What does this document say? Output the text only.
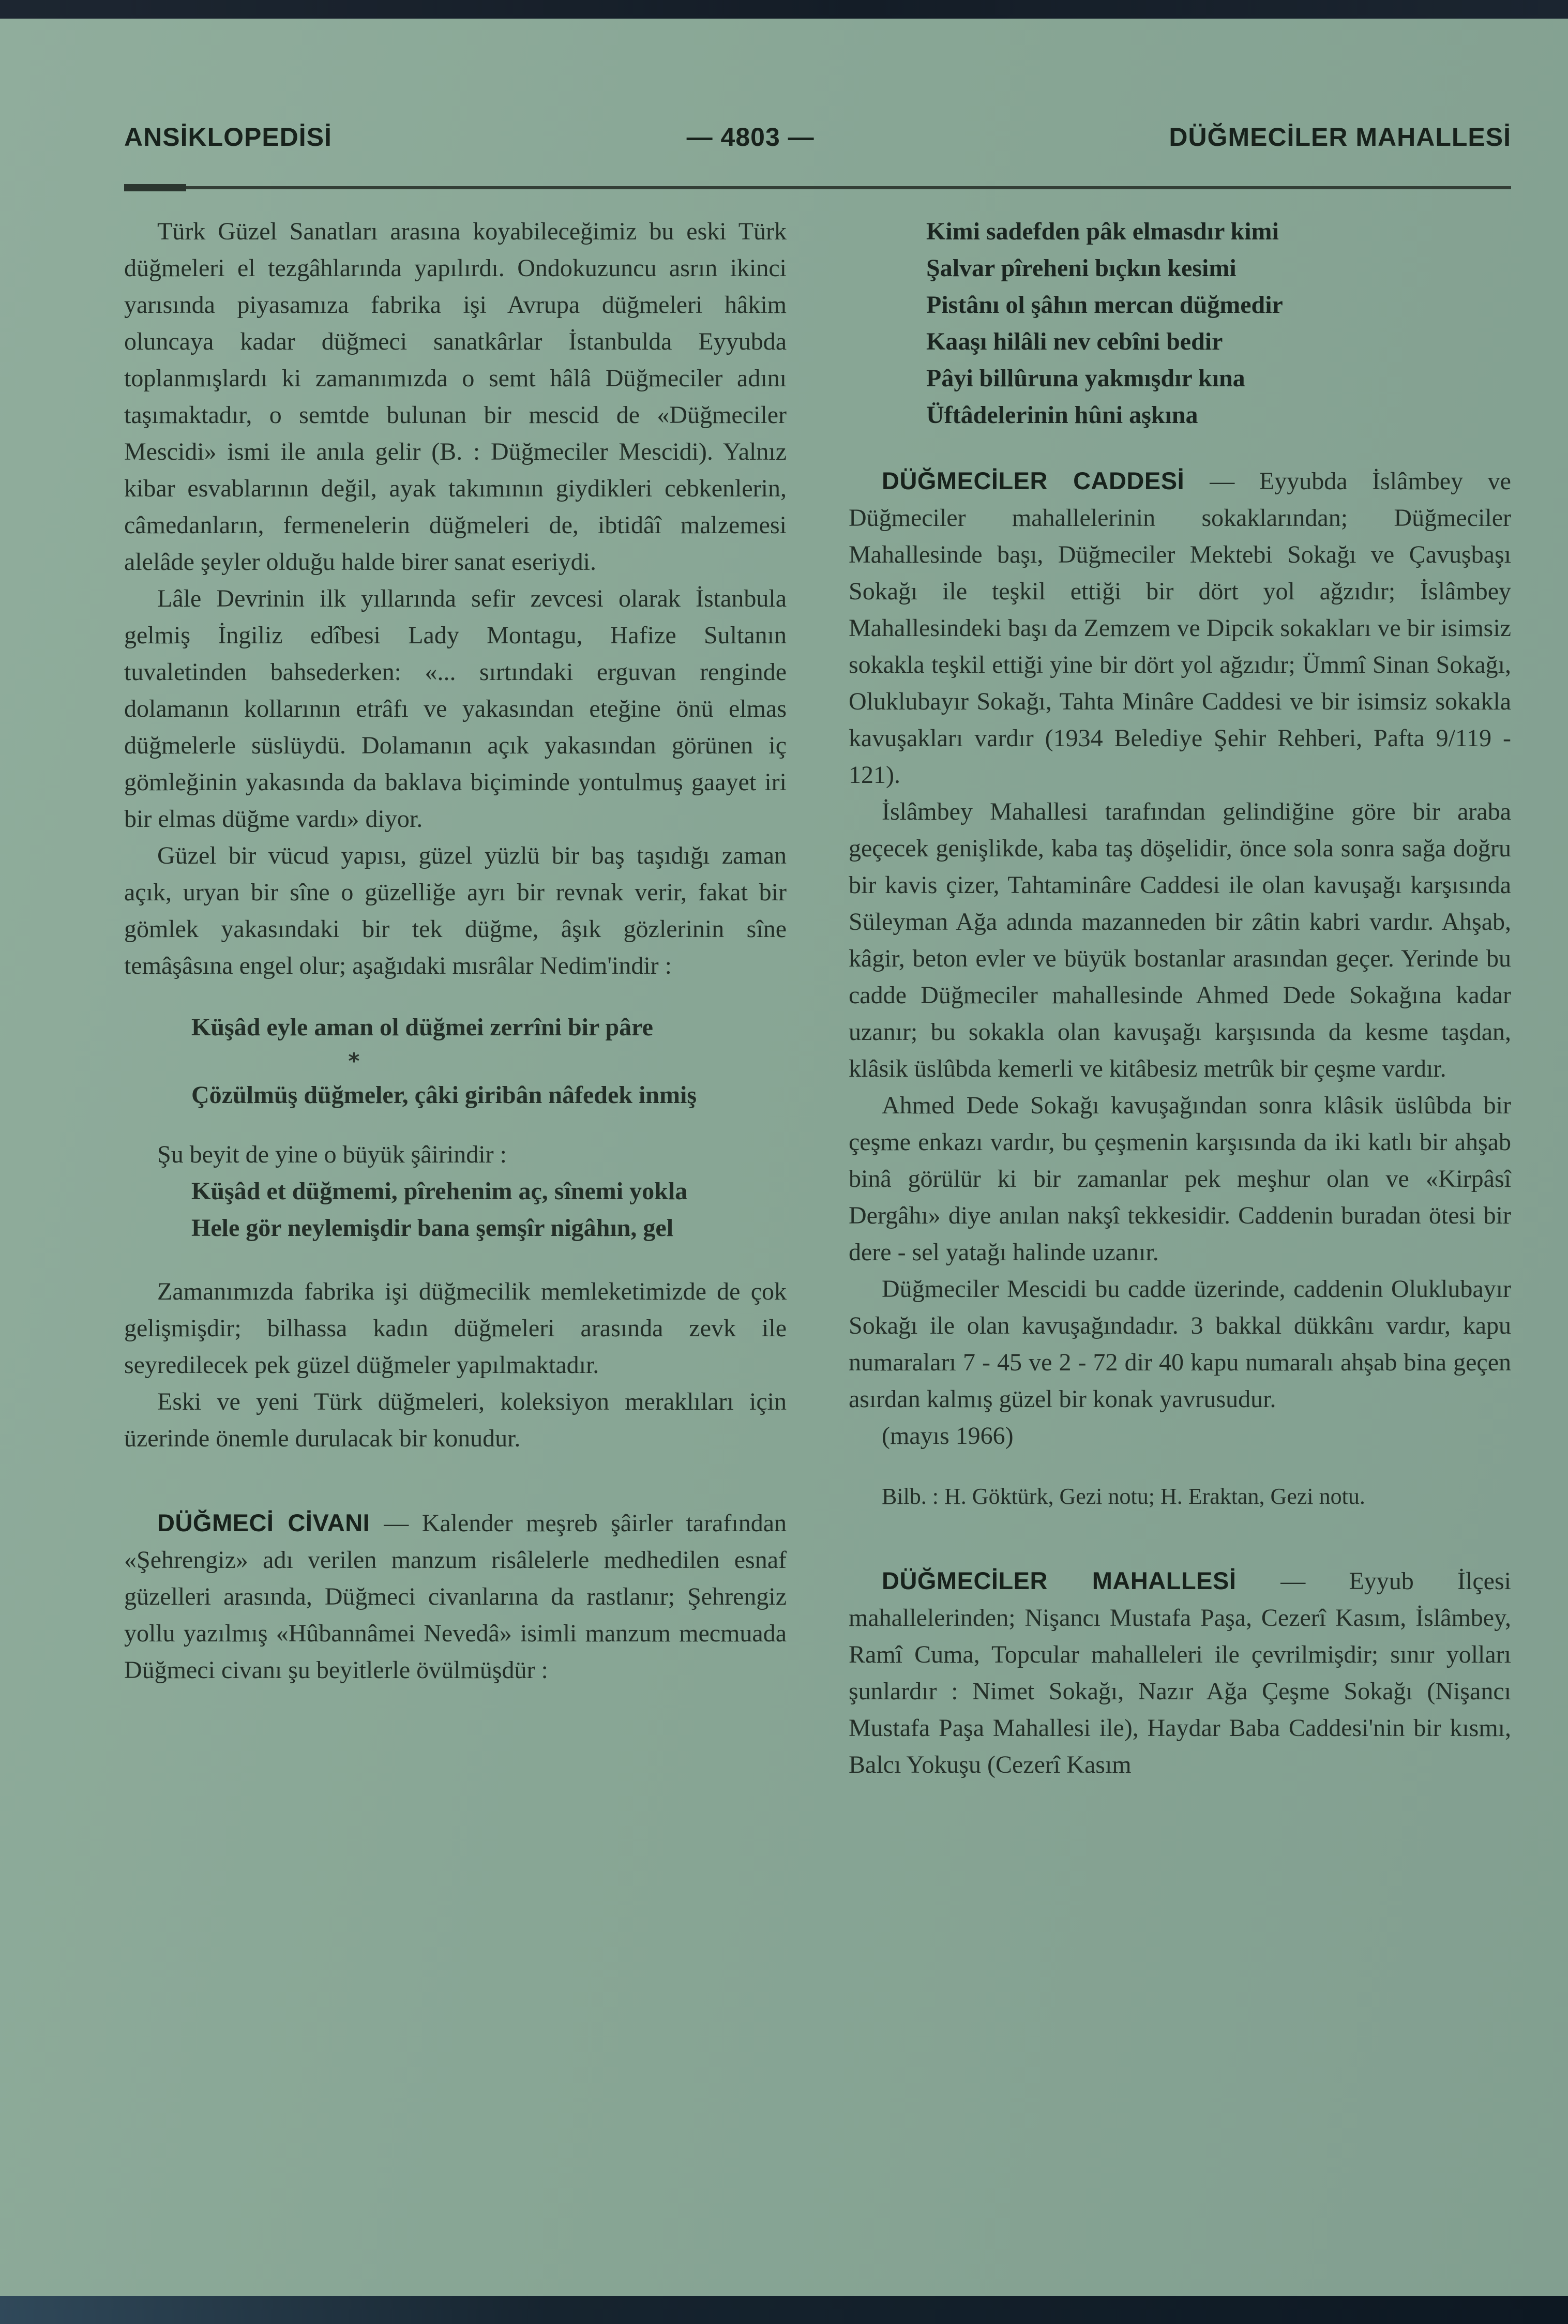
ANSİKLOPEDİSİ	— 4803 —	DÜĞMECİLER MAHALLESİ

Türk Güzel Sanatları arasına koyabileceğimiz bu eski Türk düğmeleri el tezgâhlarında yapılırdı. Ondokuzuncu asrın ikinci yarısında piyasamıza fabrika işi Avrupa düğmeleri hâkim oluncaya kadar düğmeci sanatkârlar İstanbulda Eyyubda toplanmışlardı ki zamanımızda o semt hâlâ Düğmeciler adını taşımaktadır, o semtde bulunan bir mescid de «Düğmeciler Mescidi» ismi ile anıla gelir (B. : Düğmeciler Mescidi). Yalnız kibar esvablarının değil, ayak takımının giydikleri cebkenlerin, câmedanların, fermenelerin düğmeleri de, ibtidâî malzemesi alelâde şeyler olduğu halde birer sanat eseriydi.

Lâle Devrinin ilk yıllarında sefir zevcesi olarak İstanbula gelmiş İngiliz edîbesi Lady Montagu, Hafize Sultanın tuvaletinden bahsederken: «... sırtındaki erguvan renginde dolamanın kollarının etrâfı ve yakasından eteğine önü elmas düğmelerle süslüydü. Dolamanın açık yakasından görünen iç gömleğinin yakasında da baklava biçiminde yontulmuş gaayet iri bir elmas düğme vardı» diyor.

Güzel bir vücud yapısı, güzel yüzlü bir baş taşıdığı zaman açık, uryan bir sîne o güzelliğe ayrı bir revnak verir, fakat bir gömlek yakasındaki bir tek düğme, âşık gözlerinin sîne temâşâsına engel olur; aşağıdaki mısrâlar Nedim'indir :

Küşâd eyle aman ol düğmei zerrîni bir pâre

*

Çözülmüş düğmeler, çâki giribân nâfedek inmiş

Şu beyit de yine o büyük şâirindir :

Küşâd et düğmemi, pîrehenim aç, sînemi yokla

Hele gör neylemişdir bana şemşîr nigâhın, gel

Zamanımızda fabrika işi düğmecilik memleketimizde de çok gelişmişdir; bilhassa kadın düğmeleri arasında zevk ile seyredilecek pek güzel düğmeler yapılmaktadır.

Eski ve yeni Türk düğmeleri, koleksiyon meraklıları için üzerinde önemle durulacak bir konudur.

DÜĞMECİ CİVANI — Kalender meşreb şâirler tarafından «Şehrengiz» adı verilen manzum risâlelerle medhedilen esnaf güzelleri arasında, Düğmeci civanlarına da rastlanır; Şehrengiz yollu yazılmış «Hûbannâmei Nevedâ» isimli manzum mecmuada Düğmeci civanı şu beyitlerle övülmüşdür :

Kimi sadefden pâk elmasdır kimi

Şalvar pîreheni bıçkın kesimi

Pistânı ol şâhın mercan düğmedir

Kaaşı hilâli nev cebîni bedir

Pâyi billûruna yakmışdır kına

Üftâdelerinin hûni aşkına

DÜĞMECİLER CADDESİ — Eyyubda İslâmbey ve Düğmeciler mahallelerinin sokaklarından; Düğmeciler Mahallesinde başı, Düğmeciler Mektebi Sokağı ve Çavuşbaşı Sokağı ile teşkil ettiği bir dört yol ağzıdır; İslâmbey Mahallesindeki başı da Zemzem ve Dipcik sokakları ve bir isimsiz sokakla teşkil ettiği yine bir dört yol ağzıdır; Ümmî Sinan Sokağı, Oluklubayır Sokağı, Tahta Minâre Caddesi ve bir isimsiz sokakla kavuşakları vardır (1934 Belediye Şehir Rehberi, Pafta 9/119 - 121).

İslâmbey Mahallesi tarafından gelindiğine göre bir araba geçecek genişlikde, kaba taş döşelidir, önce sola sonra sağa doğru bir kavis çizer, Tahtaminâre Caddesi ile olan kavuşağı karşısında Süleyman Ağa adında mazanneden bir zâtin kabri vardır. Ahşab, kâgir, beton evler ve büyük bostanlar arasından geçer. Yerinde bu cadde Düğmeciler mahallesinde Ahmed Dede Sokağına kadar uzanır; bu sokakla olan kavuşağı karşısında da kesme taşdan, klâsik üslûbda kemerli ve kitâbesiz metrûk bir çeşme vardır.

Ahmed Dede Sokağı kavuşağından sonra klâsik üslûbda bir çeşme enkazı vardır, bu çeşmenin karşısında da iki katlı bir ahşab binâ görülür ki bir zamanlar pek meşhur olan ve «Kirpâsî Dergâhı» diye anılan nakşî tekkesidir. Caddenin buradan ötesi bir dere - sel yatağı halinde uzanır.

Düğmeciler Mescidi bu cadde üzerinde, caddenin Oluklubayır Sokağı ile olan kavuşağındadır. 3 bakkal dükkânı vardır, kapu numaraları 7 - 45 ve 2 - 72 dir 40 kapu numaralı ahşab bina geçen asırdan kalmış güzel bir konak yavrusudur.

(mayıs 1966)

Bilb. : H. Göktürk, Gezi notu; H. Eraktan, Gezi notu.

DÜĞMECİLER MAHALLESİ — Eyyub İlçesi mahallelerinden; Nişancı Mustafa Paşa, Cezerî Kasım, İslâmbey, Ramî Cuma, Topcular mahalleleri ile çevrilmişdir; sınır yolları şunlardır : Nimet Sokağı, Nazır Ağa Çeşme Sokağı (Nişancı Mustafa Paşa Mahallesi ile), Haydar Baba Caddesi'nin bir kısmı, Balcı Yokuşu (Cezerî Kasım
